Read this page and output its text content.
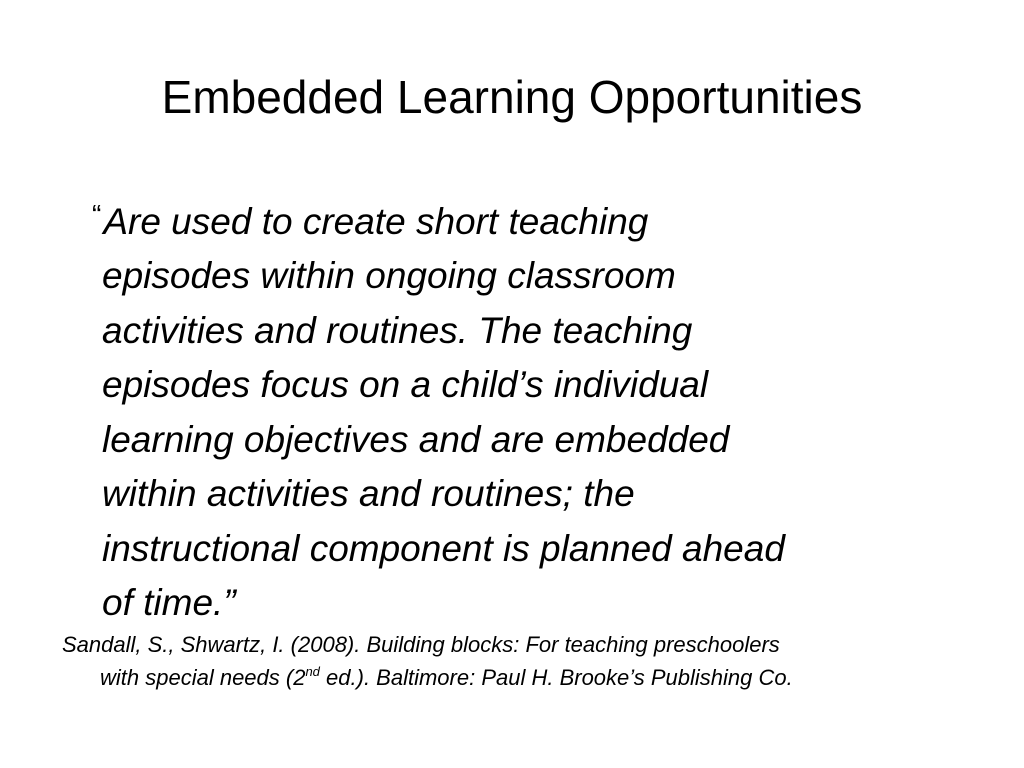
Embedded Learning Opportunities

“Are used to create short teaching
episodes within ongoing classroom
activities and routines. The teaching
episodes focus on a child’s individual
learning objectives and are embedded
within activities and routines; the
instructional component is planned ahead
of time.”

Sandall, S., Shwartz, I. (2008). Building blocks: For teaching preschoolers
with special needs (2nd ed.). Baltimore: Paul H. Brooke’s Publishing Co.
